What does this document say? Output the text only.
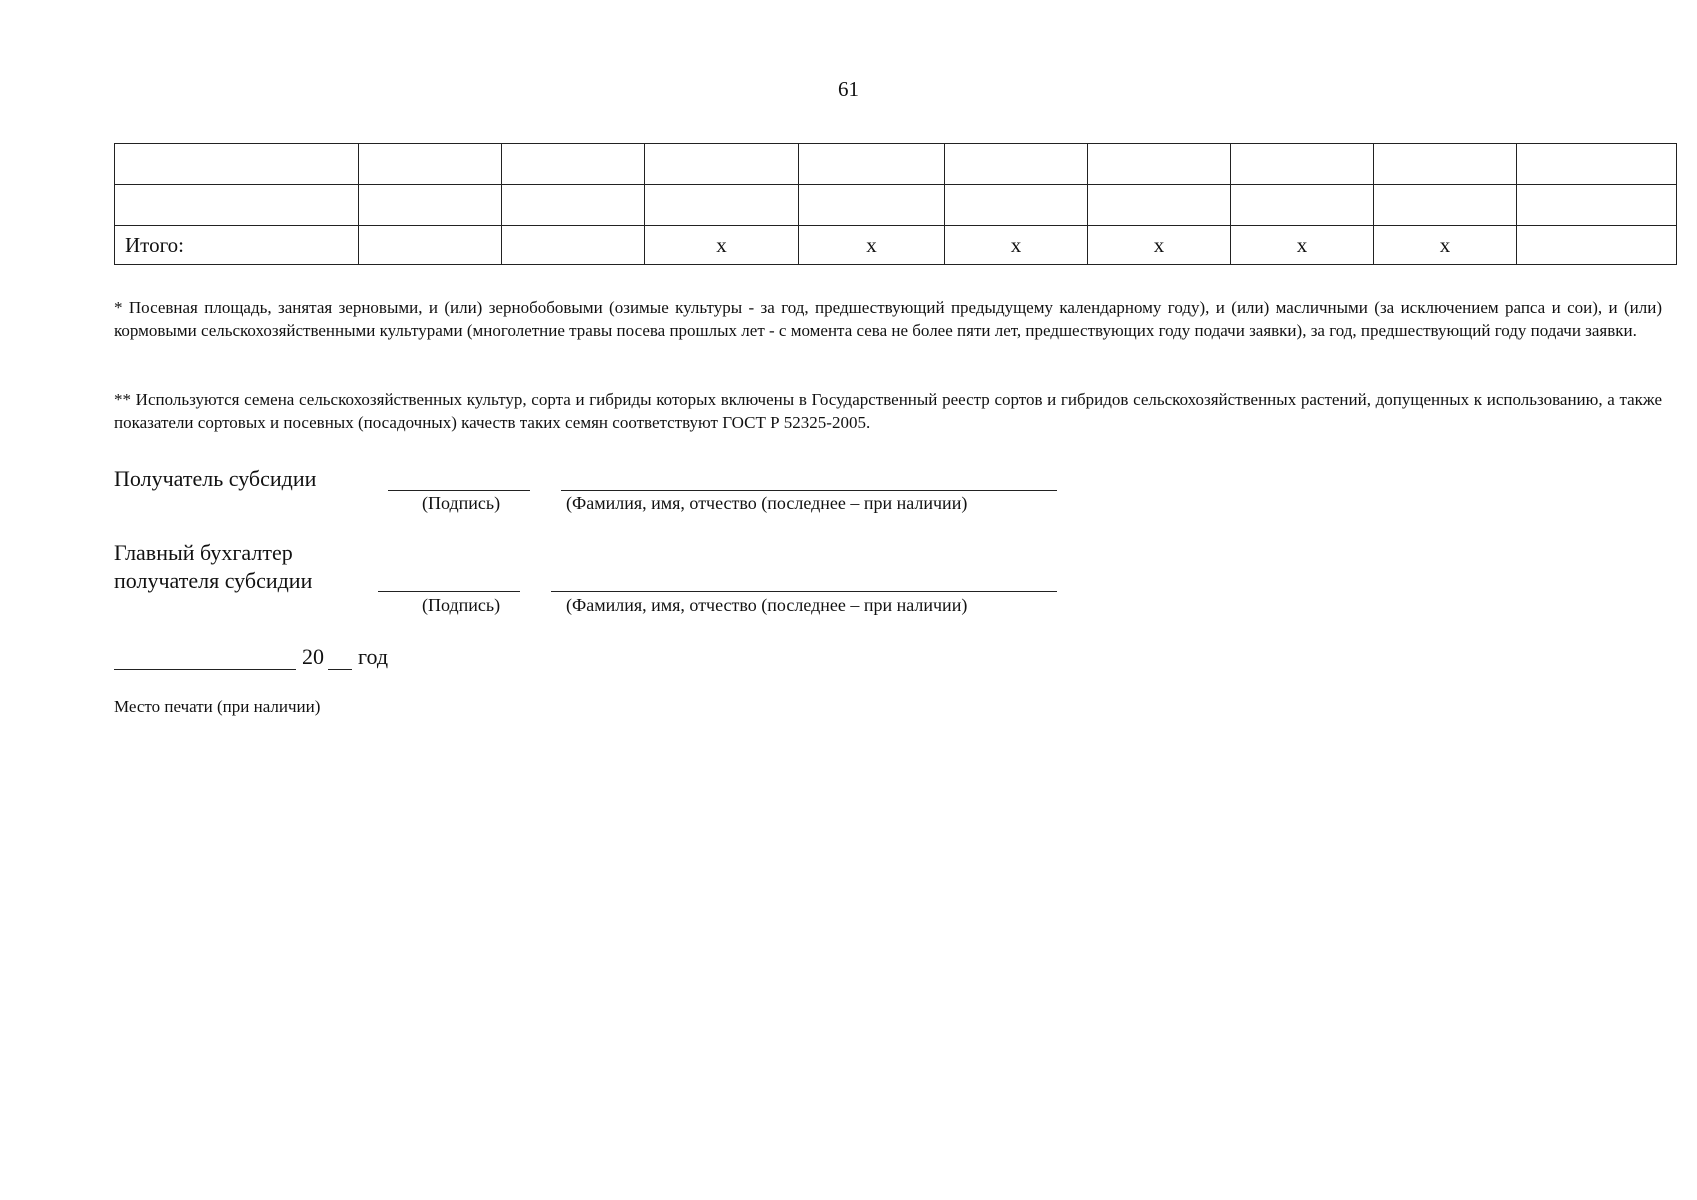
61

Итого:			x	x	x	x	x	x	
* Посевная площадь, занятая зерновыми, и (или) зернобобовыми (озимые культуры - за год, предшествующий предыдущему календарному году), и (или) масличными (за исключением рапса и сои), и (или) кормовыми сельскохозяйственными культурами (многолетние травы посева прошлых лет - с момента сева не более пяти лет, предшествующих году подачи заявки), за год, предшествующий году подачи заявки.
** Используются семена сельскохозяйственных культур, сорта и гибриды которых включены в Государственный реестр сортов и гибридов сельскохозяйственных растений, допущенных к использованию, а также показатели сортовых и посевных (посадочных) качеств таких семян соответствуют ГОСТ Р 52325-2005.
Получатель субсидии
(Подпись)	(Фамилия, имя, отчество (последнее – при наличии)
Главный бухгалтер
получателя субсидии
(Подпись)	(Фамилия, имя, отчество (последнее – при наличии)
20 год
Место печати (при наличии)
